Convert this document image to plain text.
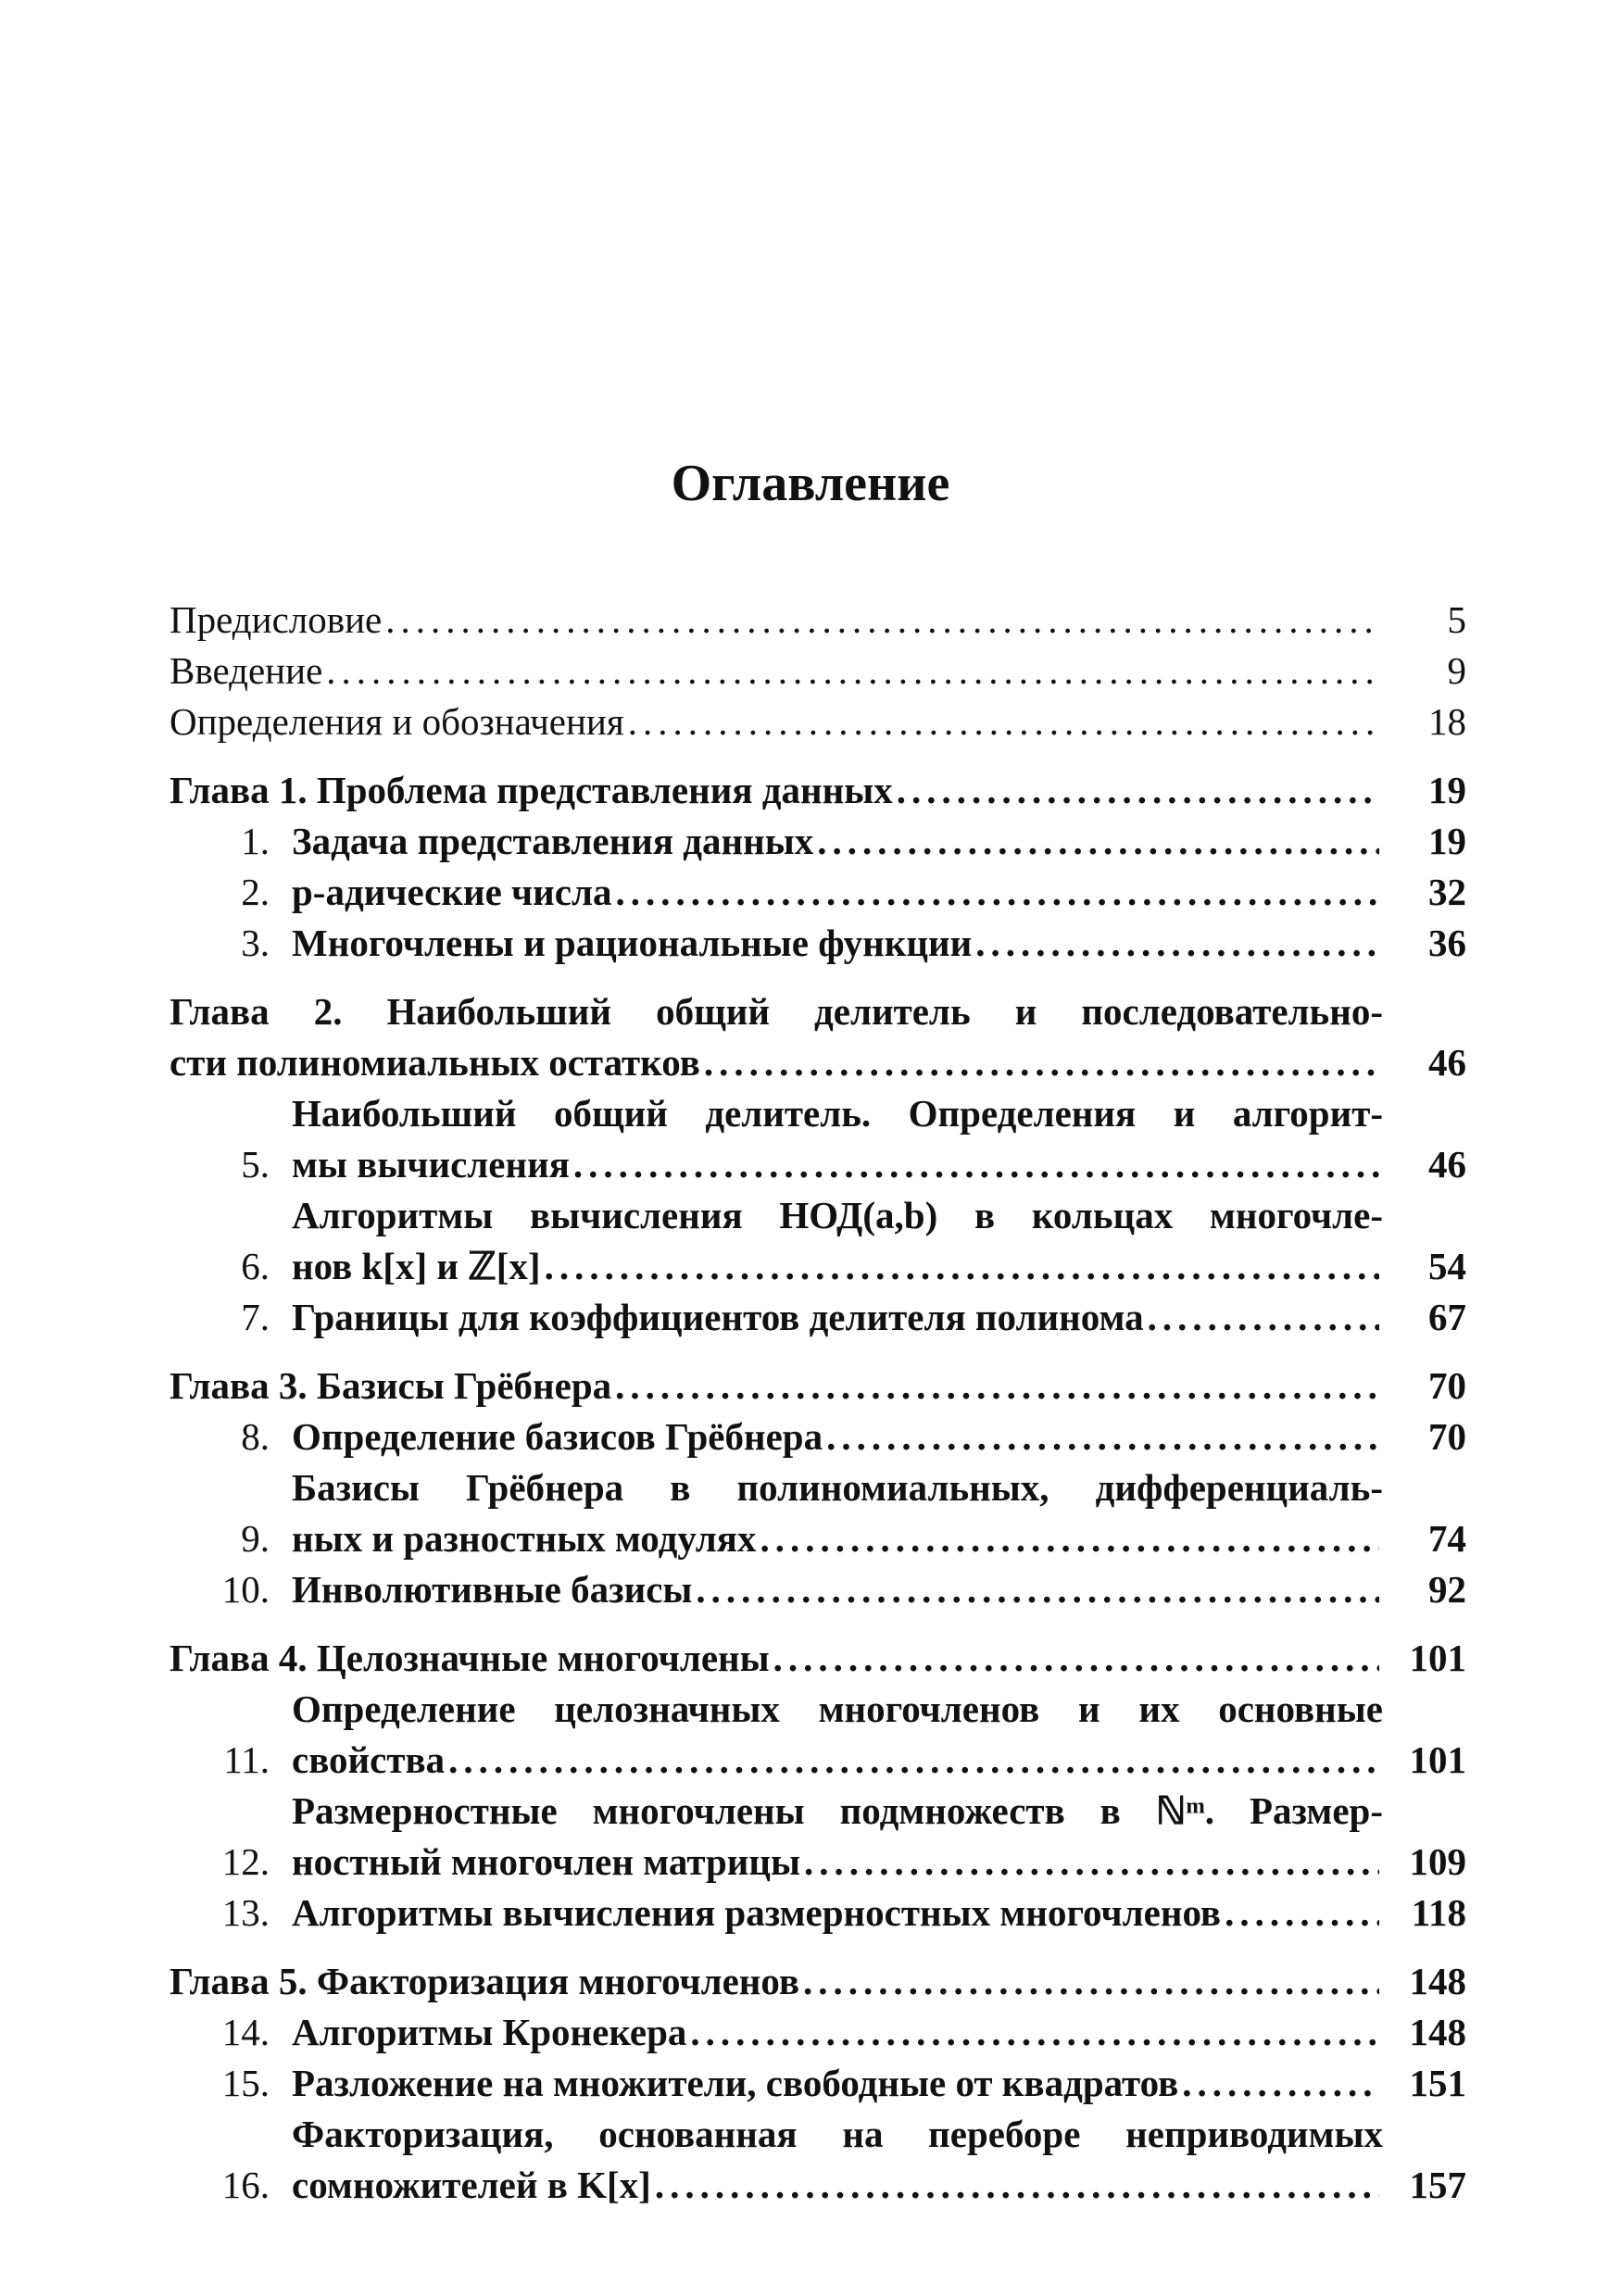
Оглавление
Предисловие .....	5
Введение .....	9
Определения и обозначения .....	18
Глава 1. Проблема представления данных .....	19
1. Задача представления данных .....	19
2. p-адические числа .....	32
3. Многочлены и рациональные функции .....	36
Глава 2. Наибольший общий делитель и последовательно-
сти полиномиальных остатков .....	46
5.
Наибольший общий делитель. Определения и алгорит-
мы вычисления .....	46
6.
Алгоритмы вычисления НОД(a,b) в кольцах многочле-
нов k[x] и ℤ[x] .....	54
7. Границы для коэффициентов делителя полинома .....	67
Глава 3. Базисы Грёбнера .....	70
8. Определение базисов Грёбнера .....	70
9.
Базисы Грёбнера в полиномиальных, дифференциаль-
ных и разностных модулях .....	74
10. Инволютивные базисы .....	92
Глава 4. Целозначные многочлены .....	101
11.
Определение целозначных многочленов и их основные
свойства .....	101
12.
Размерностные многочлены подмножеств в ℕᵐ. Размер-
ностный многочлен матрицы .....	109
13. Алгоритмы вычисления размерностных многочленов .....	118
Глава 5. Факторизация многочленов .....	148
14. Алгоритмы Кронекера .....	148
15. Разложение на множители, свободные от квадратов .....	151
16.
Факторизация, основанная на переборе неприводимых
сомножителей в K[x] .....	157
